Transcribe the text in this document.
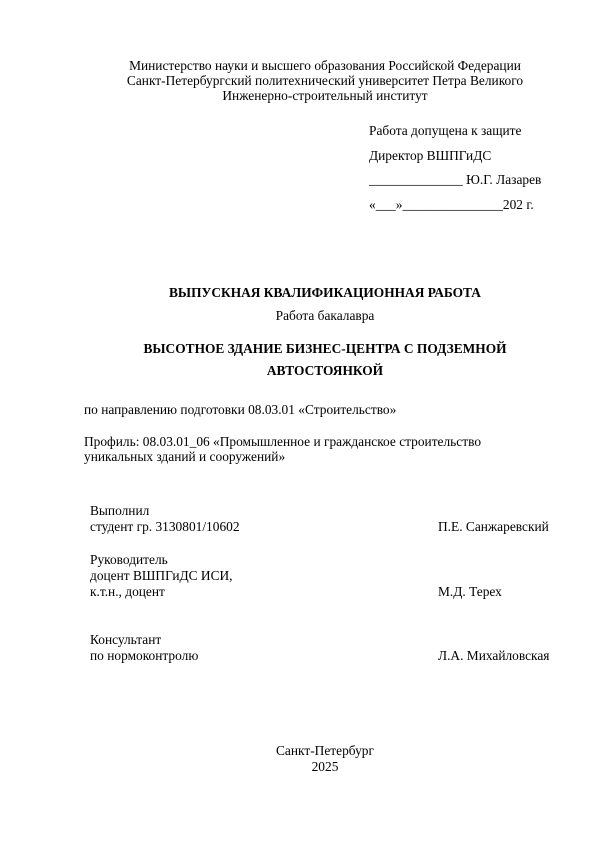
Министерство науки и высшего образования Российской Федерации
Санкт-Петербургский политехнический университет Петра Великого
Инженерно-строительный институт
Работа допущена к защите
Директор ВШПГиДС
______________ Ю.Г. Лазарев
«___»_______________202 г.
ВЫПУСКНАЯ КВАЛИФИКАЦИОННАЯ РАБОТА
Работа бакалавра
ВЫСОТНОЕ ЗДАНИЕ БИЗНЕС-ЦЕНТРА С ПОДЗЕМНОЙ
АВТОСТОЯНКОЙ
по направлению подготовки 08.03.01 «Строительство»
Профиль: 08.03.01_06 «Промышленное и гражданское строительство
уникальных зданий и сооружений»
Выполнил
студент гр. 3130801/10602	П.Е. Санжаревский
Руководитель
доцент ВШПГиДС ИСИ,
к.т.н., доцент	М.Д. Терех
Консультант
по нормоконтролю	Л.А. Михайловская
Санкт-Петербург
2025
